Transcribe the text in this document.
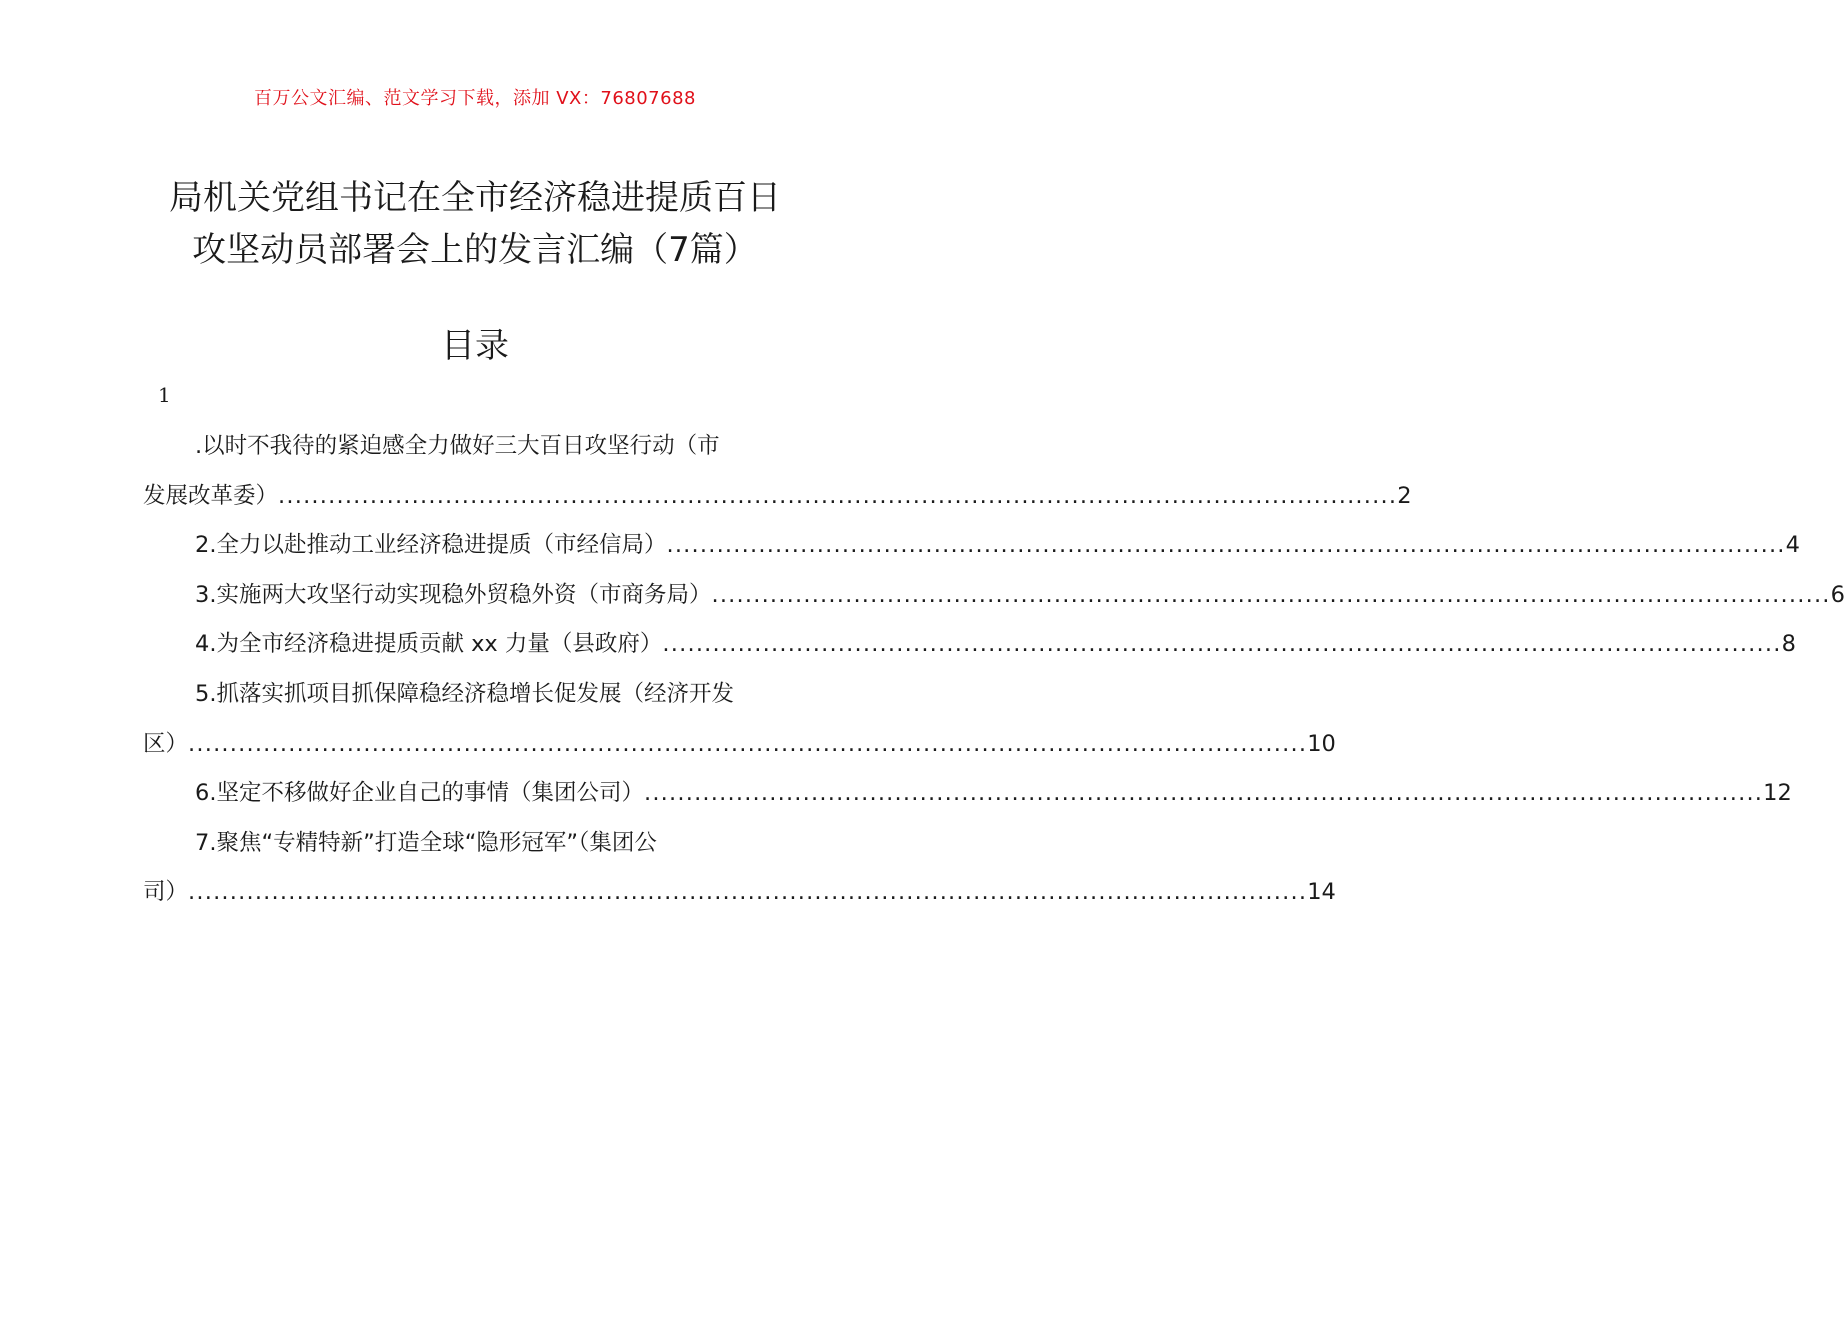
百万公文汇编、范文学习下载，添加 VX：76807688
局机关党组书记在全市经济稳进提质百日
攻坚动员部署会上的发言汇编（7篇）
目录
1
.以时不我待的紧迫感全力做好三大百日攻坚行动（市
发展改革委） ...................................................................................................................................... 2
2.全力以赴推动工业经济稳进提质（市经信局） ...................................................................................................................................... 4
3.实施两大攻坚行动实现稳外贸稳外资（市商务局） ...................................................................................................................................... 6
4.为全市经济稳进提质贡献 xx 力量（县政府） ...................................................................................................................................... 8
5.抓落实抓项目抓保障稳经济稳增长促发展（经济开发
区） ...................................................................................................................................... 10
6.坚定不移做好企业自己的事情（集团公司） ...................................................................................................................................... 12
7.聚焦“专精特新”打造全球“隐形冠军”（集团公
司） ...................................................................................................................................... 14
